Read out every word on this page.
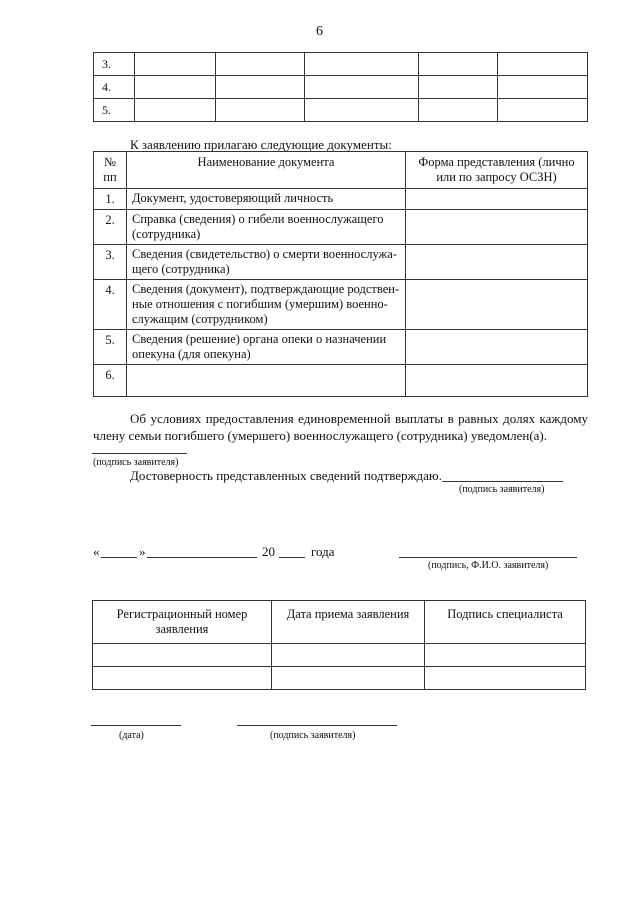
6
3.					
4.					
5.					
К заявлению прилагаю следующие документы:
№ пп	Наименование документа	Форма представления (лично или по запросу ОСЗН)
1.	Документ, удостоверяющий личность	
2.	Справка (сведения) о гибели военнослужащего (сотрудника)	
3.	Сведения (свидетельство) о смерти военнослужа-щего (сотрудника)	
4.	Сведения (документ), подтверждающие родствен-ные отношения с погибшим (умершим) военно-служащим (сотрудником)	
5.	Сведения (решение) органа опеки о назначении опекуна (для опекуна)	
6.		
Об условиях предоставления единовременной выплаты в равных долях каждому члену семьи погибшего (умершего) военнослужащего (сотрудника) уведомлен(а).
(подпись заявителя)
Достоверность представленных сведений подтверждаю.
(подпись заявителя)
«	»	20	года
(подпись, Ф.И.О. заявителя)
Регистрационный номер заявления	Дата приема заявления	Подпись специалиста

(дата)	(подпись заявителя)
